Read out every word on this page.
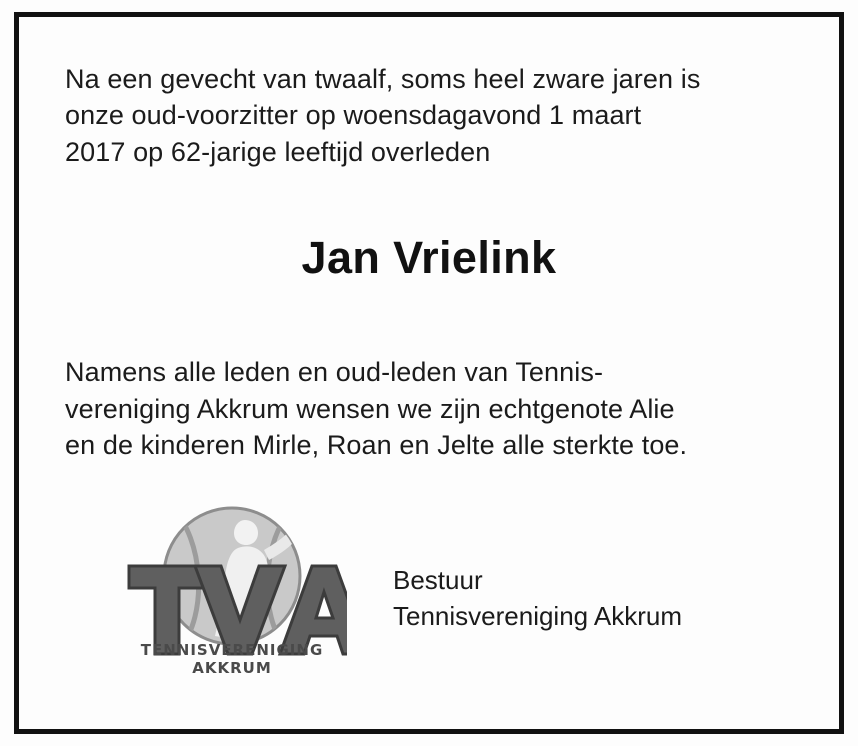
Na een gevecht van twaalf, soms heel zware jaren is
onze oud-voorzitter op woensdagavond 1 maart
2017 op 62-jarige leeftijd overleden
Jan Vrielink
Namens alle leden en oud-leden van Tennis-
vereniging Akkrum wensen we zijn echtgenote Alie
en de kinderen Mirle, Roan en Jelte alle sterkte toe.
TENNISVERENIGING AKKRUM
Bestuur
Tennisvereniging Akkrum
